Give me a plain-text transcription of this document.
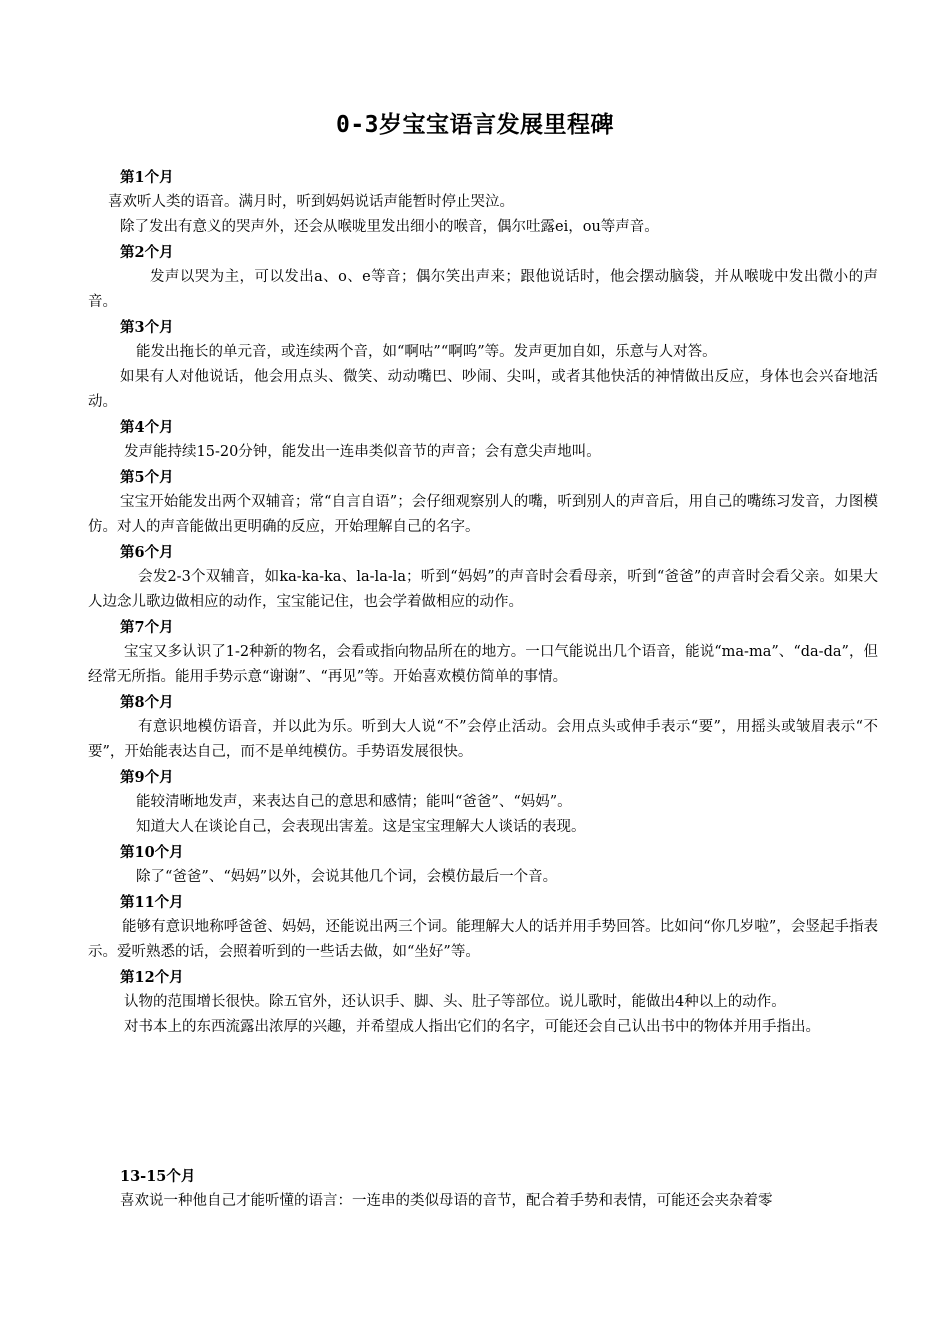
0-3岁宝宝语言发展里程碑

第1个月

喜欢听人类的语音。满月时，听到妈妈说话声能暂时停止哭泣。

除了发出有意义的哭声外，还会从喉咙里发出细小的喉音，偶尔吐露ei，ou等声音。

第2个月

发声以哭为主，可以发出a、o、e等音；偶尔笑出声来；跟他说话时，他会摆动脑袋，并从喉咙中发出微小的声音。

第3个月

能发出拖长的单元音，或连续两个音，如“啊咕”“啊呜”等。发声更加自如，乐意与人对答。

如果有人对他说话，他会用点头、微笑、动动嘴巴、吵闹、尖叫，或者其他快活的神情做出反应，身体也会兴奋地活动。

第4个月

发声能持续15-20分钟，能发出一连串类似音节的声音；会有意尖声地叫。

第5个月

宝宝开始能发出两个双辅音；常“自言自语”；会仔细观察别人的嘴，听到别人的声音后，用自己的嘴练习发音，力图模仿。对人的声音能做出更明确的反应，开始理解自己的名字。

第6个月

会发2-3个双辅音，如ka-ka-ka、la-la-la；听到“妈妈”的声音时会看母亲，听到“爸爸”的声音时会看父亲。如果大人边念儿歌边做相应的动作，宝宝能记住，也会学着做相应的动作。

第7个月

宝宝又多认识了1-2种新的物名，会看或指向物品所在的地方。一口气能说出几个语音，能说“ma-ma”、“da-da”，但经常无所指。能用手势示意“谢谢”、“再见”等。开始喜欢模仿简单的事情。

第8个月

有意识地模仿语音，并以此为乐。听到大人说“不”会停止活动。会用点头或伸手表示“要”，用摇头或皱眉表示“不要”，开始能表达自己，而不是单纯模仿。手势语发展很快。

第9个月

能较清晰地发声，来表达自己的意思和感情；能叫“爸爸”、“妈妈”。

知道大人在谈论自己，会表现出害羞。这是宝宝理解大人谈话的表现。

第10个月

除了“爸爸”、“妈妈”以外，会说其他几个词，会模仿最后一个音。

第11个月

能够有意识地称呼爸爸、妈妈，还能说出两三个词。能理解大人的话并用手势回答。比如问“你几岁啦”，会竖起手指表示。爱听熟悉的话，会照着听到的一些话去做，如“坐好”等。

第12个月

认物的范围增长很快。除五官外，还认识手、脚、头、肚子等部位。说儿歌时，能做出4种以上的动作。

对书本上的东西流露出浓厚的兴趣，并希望成人指出它们的名字，可能还会自己认出书中的物体并用手指出。

13-15个月

喜欢说一种他自己才能听懂的语言：一连串的类似母语的音节，配合着手势和表情，可能还会夹杂着零
